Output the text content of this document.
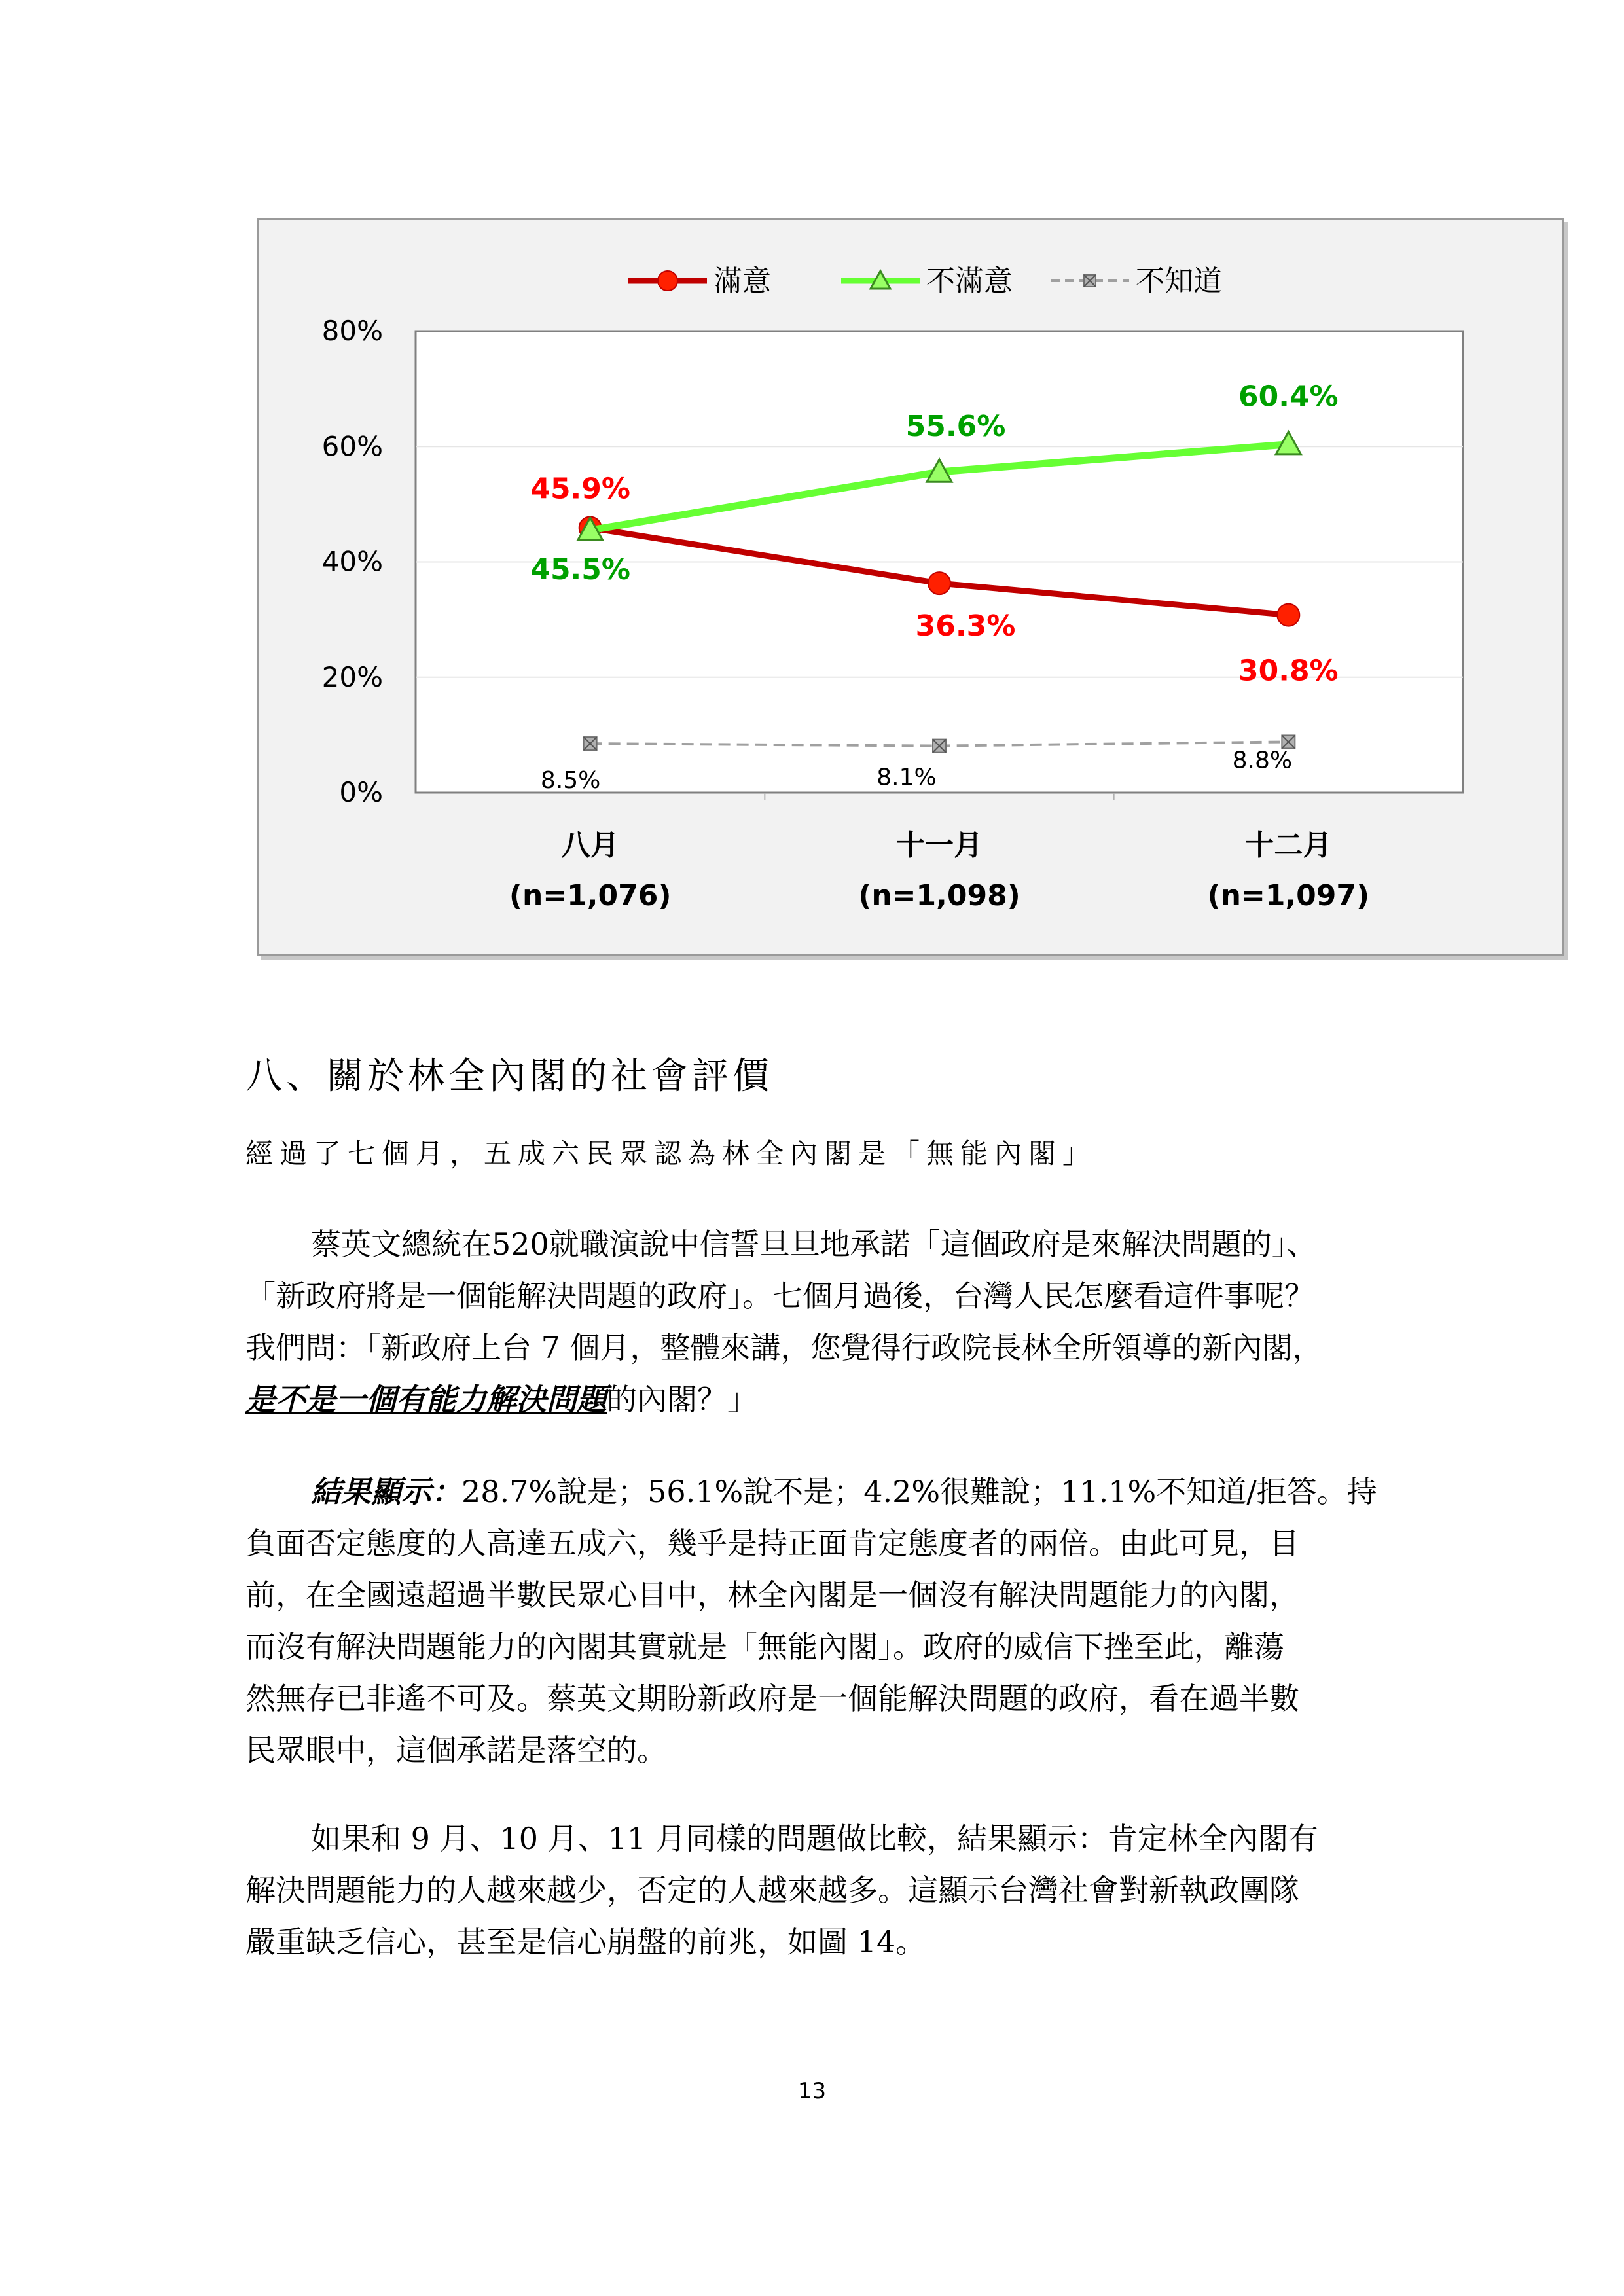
0%
20%
40%
60%
80%
八月
(n=1,076)
十一月
(n=1,098)
十二月
(n=1,097)
8.5%	8.1%
8.8%
45.9%
36.3%
30.8%
45.5%
55.6%
60.4%
滿意	不滿意	不知道
八、關於林全內閣的社會評價
經過了七個月，五成六民眾認為林全內閣是「無能內閣」

蔡英文總統在520就職演說中信誓旦旦地承諾「這個政府是來解決問題的」、

「新政府將是一個能解決問題的政府」。七個月過後，台灣人民怎麼看這件事呢？

我們問：「新政府上台 7 個月，整體來講，您覺得行政院長林全所領導的新內閣，

是不是一個有能力解決問題的內閣？」

結果顯示：28.7%說是；56.1%說不是；4.2%很難說；11.1%不知道/拒答。持

負面否定態度的人高達五成六，幾乎是持正面肯定態度者的兩倍。由此可見，目

前，在全國遠超過半數民眾心目中，林全內閣是一個沒有解決問題能力的內閣，

而沒有解決問題能力的內閣其實就是「無能內閣」。政府的威信下挫至此，離蕩

然無存已非遙不可及。蔡英文期盼新政府是一個能解決問題的政府，看在過半數

民眾眼中，這個承諾是落空的。

如果和 9 月、10 月、11 月同樣的問題做比較，結果顯示：肯定林全內閣有

解決問題能力的人越來越少，否定的人越來越多。這顯示台灣社會對新執政團隊

嚴重缺乏信心，甚至是信心崩盤的前兆，如圖 14。

13
